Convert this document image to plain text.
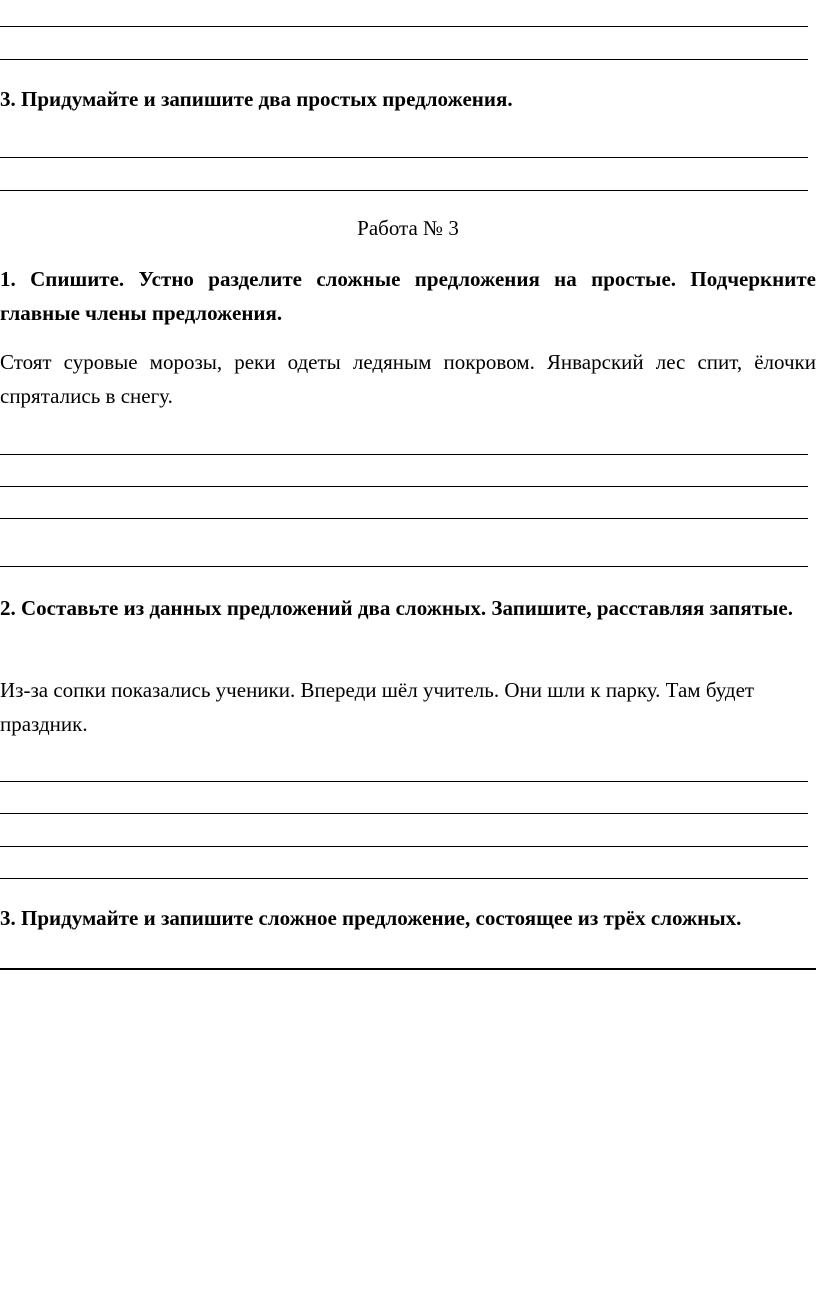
3. Придумайте и запишите два простых предложения.

Работа № 3

1. Спишите. Устно разделите сложные предложения на простые. Подчеркните главные члены предложения.

Стоят суровые морозы, реки одеты ледяным покровом. Январский лес спит, ёлочки спрятались в снегу.

2. Составьте из данных предложений два сложных. Запишите, расставляя запятые.

Из-за сопки показались ученики. Впереди шёл учитель. Они шли к парку. Там будет праздник.

3. Придумайте и запишите сложное предложение, состоящее из трёх сложных.
